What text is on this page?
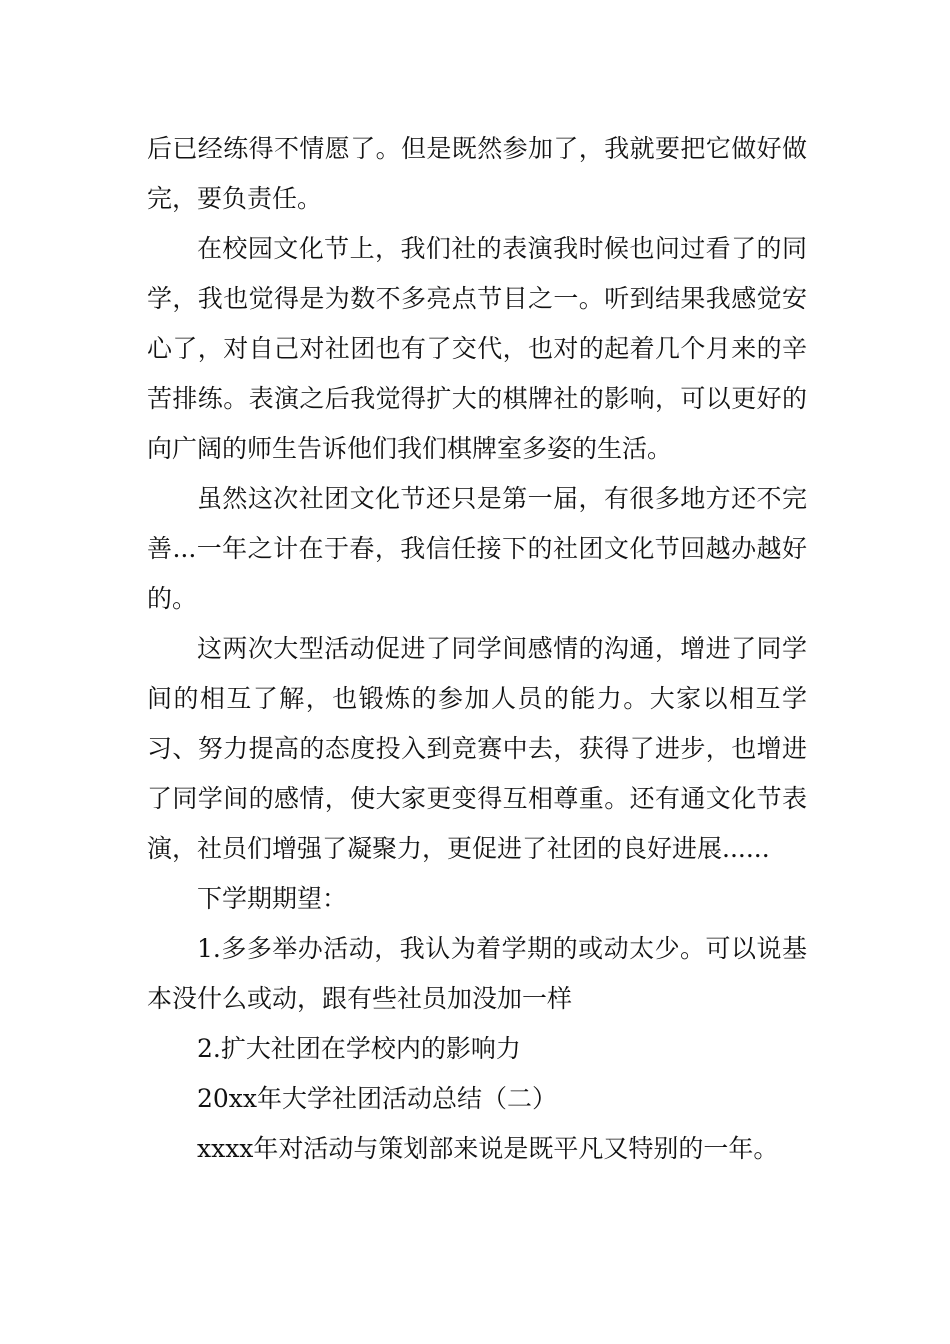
后已经练得不情愿了。但是既然参加了，我就要把它做好做完，要负责任。

在校园文化节上，我们社的表演我时候也问过看了的同学，我也觉得是为数不多亮点节目之一。听到结果我感觉安心了，对自己对社团也有了交代，也对的起着几个月来的辛苦排练。表演之后我觉得扩大的棋牌社的影响，可以更好的向广阔的师生告诉他们我们棋牌室多姿的生活。

虽然这次社团文化节还只是第一届，有很多地方还不完善...一年之计在于春，我信任接下的社团文化节回越办越好的。

这两次大型活动促进了同学间感情的沟通，增进了同学间的相互了解，也锻炼的参加人员的能力。大家以相互学习、努力提高的态度投入到竞赛中去，获得了进步，也增进了同学间的感情，使大家更变得互相尊重。还有通文化节表演，社员们增强了凝聚力，更促进了社团的良好进展......

下学期期望：

1.多多举办活动，我认为着学期的或动太少。可以说基本没什么或动，跟有些社员加没加一样

2.扩大社团在学校内的影响力

20xx年大学社团活动总结（二）

xxxx年对活动与策划部来说是既平凡又特别的一年。
